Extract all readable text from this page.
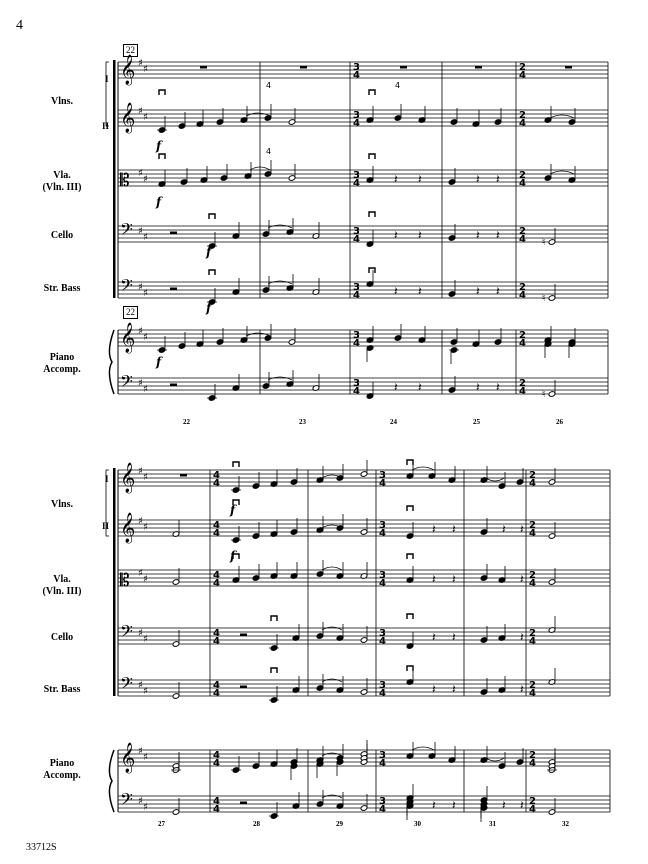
4
33712S
Vlns.
Vla.
(Vln. III)
Cello
Str. Bass
Piano
Accomp.
I
II
Vlns.
Vla.
(Vln. III)
Cello
Str. Bass
Piano
Accomp.
I
II
22
22
22	23	24	25	26
27	28	29	30	31	32
𝄞 ♯
♯
𝄞 ♯
♯
𝄡 ♯
♯
𝄢 ♯
♯
𝄢 ♯
♯
𝄞 ♯
♯
𝄢 ♯
♯
3
4
3
4
3
4
3
4
3
4
3
4
3
4
2
4
2
4
2
4
2
4
2
4
2
4
2
4
𝄞 ♯
♯
𝄞 ♯
♯
𝄡 ♯
♯
𝄢 ♯
♯
𝄢 ♯
♯
𝄞 ♯
♯
𝄢 ♯
♯
4
4
4
4
4
4
4
4
4
4
4
4
4
4
3
4
3
4
3
4
3
4
3
4
3
4
3
4
2
4
2
4
2
4
2
4
2
4
2
4
2
4
f
4	4
𝄽 𝄽	𝄽 𝄽
f
4
𝄽 𝄽	𝄽 𝄽
♮
f
𝄽 𝄽	𝄽 𝄽
♮
f
f
𝄽 𝄽	𝄽 𝄽
♮
f
𝄽 𝄽	𝄽 𝄽
f
𝄽 𝄽	𝄽
𝄽 𝄽	𝄽
𝄽 𝄽	𝄽
𝄽 𝄽	𝄽 𝄽
